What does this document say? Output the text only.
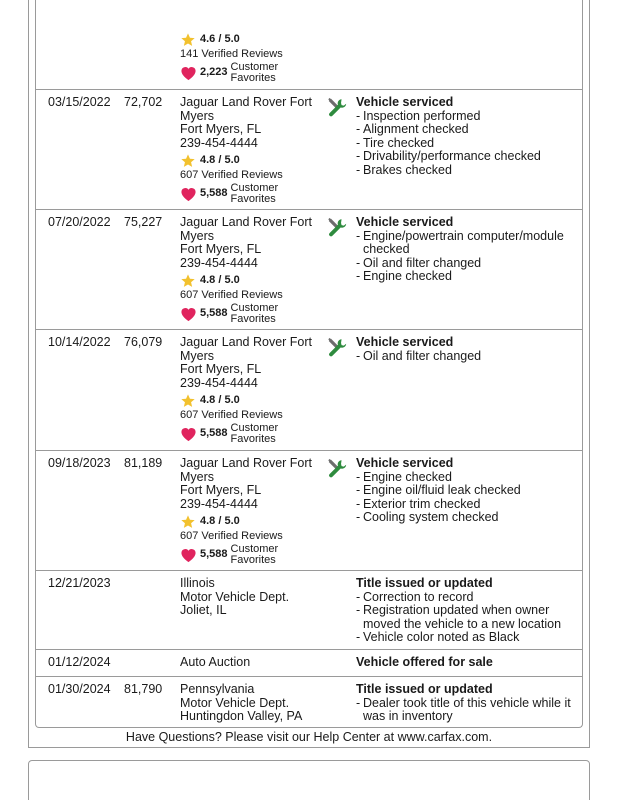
4.6 / 5.0
141 Verified Reviews
2,223 Customer
Favorites
03/15/2022 72,702 Jaguar Land Rover Fort
Myers
Fort Myers, FL
239-454-4444
4.8 / 5.0
607 Verified Reviews
5,588 Customer
Favorites
Vehicle serviced
- Inspection performed
- Alignment checked
- Tire checked
- Drivability/performance checked
- Brakes checked
07/20/2022 75,227 Jaguar Land Rover Fort
Myers
Fort Myers, FL
239-454-4444
4.8 / 5.0
607 Verified Reviews
5,588 Customer
Favorites
Vehicle serviced
- Engine/powertrain computer/module checked
- Oil and filter changed
- Engine checked
10/14/2022 76,079 Jaguar Land Rover Fort
Myers
Fort Myers, FL
239-454-4444
4.8 / 5.0
607 Verified Reviews
5,588 Customer
Favorites
Vehicle serviced
- Oil and filter changed
09/18/2023 81,189 Jaguar Land Rover Fort
Myers
Fort Myers, FL
239-454-4444
4.8 / 5.0
607 Verified Reviews
5,588 Customer
Favorites
Vehicle serviced
- Engine checked
- Engine oil/fluid leak checked
- Exterior trim checked
- Cooling system checked
12/21/2023	Illinois
Motor Vehicle Dept.
Joliet, IL
Title issued or updated
- Correction to record
- Registration updated when owner moved the vehicle to a new location
- Vehicle color noted as Black
01/12/2024	Auto Auction	Vehicle offered for sale
01/30/2024 81,790 Pennsylvania
Motor Vehicle Dept.
Huntingdon Valley, PA
Title issued or updated
- Dealer took title of this vehicle while it was in inventory
Have Questions? Please visit our Help Center at www.carfax.com.
